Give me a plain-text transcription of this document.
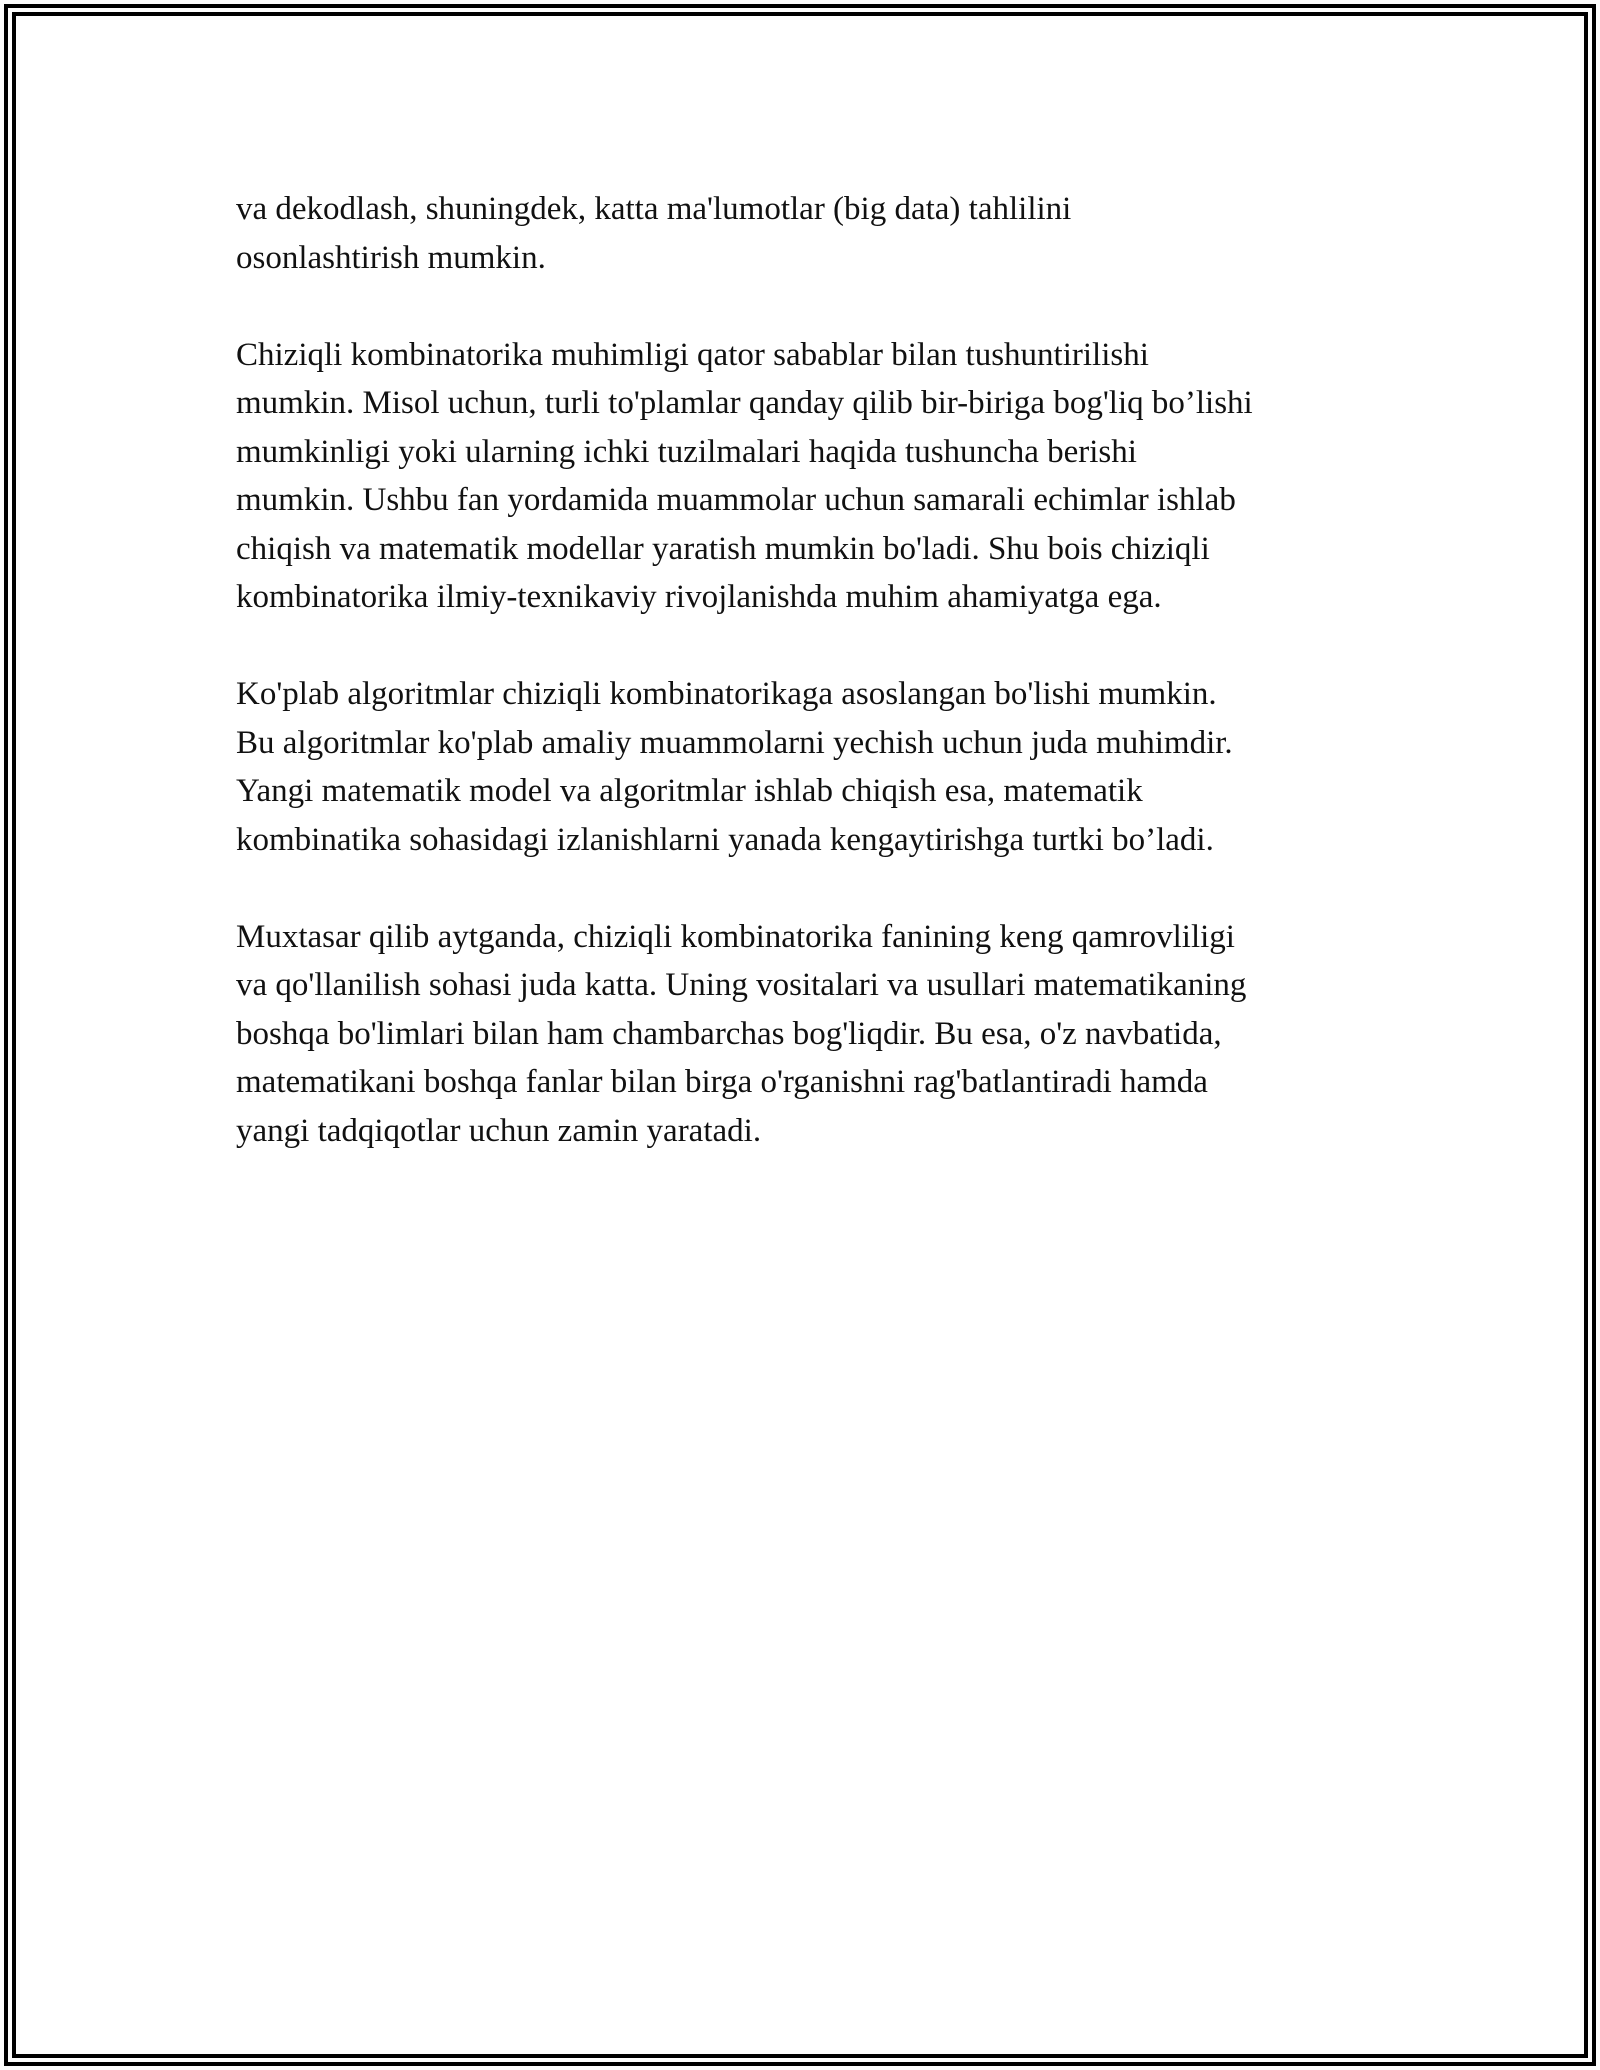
va dekodlash, shuningdek, katta ma'lumotlar (big data) tahlilini
osonlashtirish mumkin.

Chiziqli kombinatorika muhimligi qator sabablar bilan tushuntirilishi
mumkin. Misol uchun, turli to'plamlar qanday qilib bir-biriga bog'liq bo’lishi
mumkinligi yoki ularning ichki tuzilmalari haqida tushuncha berishi
mumkin. Ushbu fan yordamida muammolar uchun samarali echimlar ishlab
chiqish va matematik modellar yaratish mumkin bo'ladi. Shu bois chiziqli
kombinatorika ilmiy-texnikaviy rivojlanishda muhim ahamiyatga ega.

Ko'plab algoritmlar chiziqli kombinatorikaga asoslangan bo'lishi mumkin.
Bu algoritmlar ko'plab amaliy muammolarni yechish uchun juda muhimdir.
Yangi matematik model va algoritmlar ishlab chiqish esa, matematik
kombinatika sohasidagi izlanishlarni yanada kengaytirishga turtki bo’ladi.

Muxtasar qilib aytganda, chiziqli kombinatorika fanining keng qamrovliligi
va qo'llanilish sohasi juda katta. Uning vositalari va usullari matematikaning
boshqa bo'limlari bilan ham chambarchas bog'liqdir. Bu esa, o'z navbatida,
matematikani boshqa fanlar bilan birga o'rganishni rag'batlantiradi hamda
yangi tadqiqotlar uchun zamin yaratadi.
